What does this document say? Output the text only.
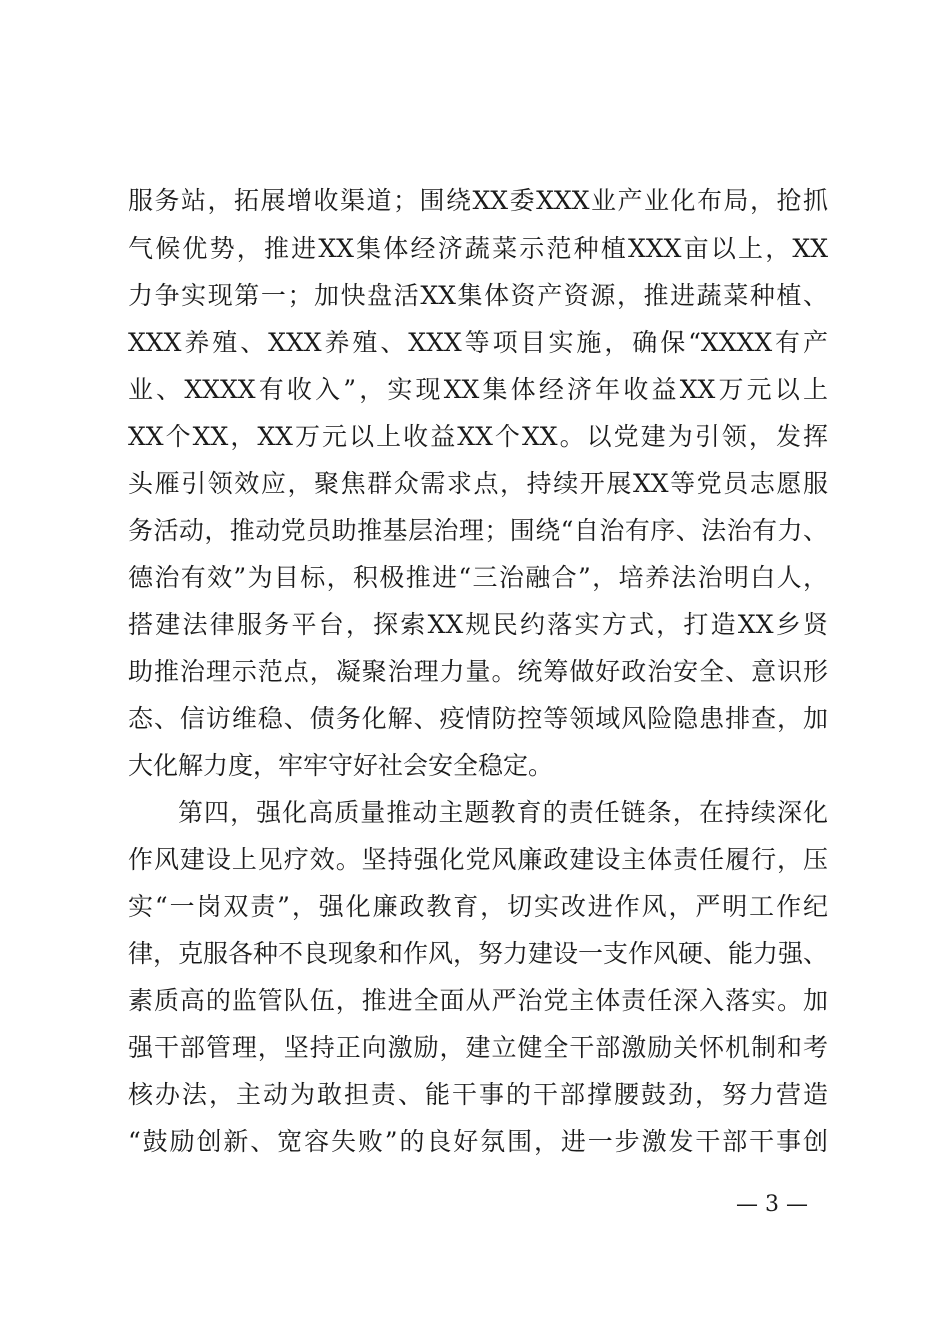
服务站，拓展增收渠道；围绕XX委XXX业产业化布局，抢抓
气候优势，推进XX集体经济蔬菜示范种植XXX亩以上，XX
力争实现第一；加快盘活XX集体资产资源，推进蔬菜种植、
XXX养殖、XXX养殖、XXX等项目实施，确保“XXXX有产
业、XXXX有收入”，实现XX集体经济年收益XX万元以上
XX个XX，XX万元以上收益XX个XX。以党建为引领，发挥
头雁引领效应，聚焦群众需求点，持续开展XX等党员志愿服
务活动，推动党员助推基层治理；围绕“自治有序、法治有力、
德治有效”为目标，积极推进“三治融合”，培养法治明白人，
搭建法律服务平台，探索XX规民约落实方式，打造XX乡贤
助推治理示范点，凝聚治理力量。统筹做好政治安全、意识形
态、信访维稳、债务化解、疫情防控等领域风险隐患排查，加
大化解力度，牢牢守好社会安全稳定。
第四，强化高质量推动主题教育的责任链条，在持续深化
作风建设上见疗效。坚持强化党风廉政建设主体责任履行，压
实“一岗双责”，强化廉政教育，切实改进作风，严明工作纪
律，克服各种不良现象和作风，努力建设一支作风硬、能力强、
素质高的监管队伍，推进全面从严治党主体责任深入落实。加
强干部管理，坚持正向激励，建立健全干部激励关怀机制和考
核办法，主动为敢担责、能干事的干部撑腰鼓劲，努力营造
“鼓励创新、宽容失败”的良好氛围，进一步激发干部干事创
— 3 —
